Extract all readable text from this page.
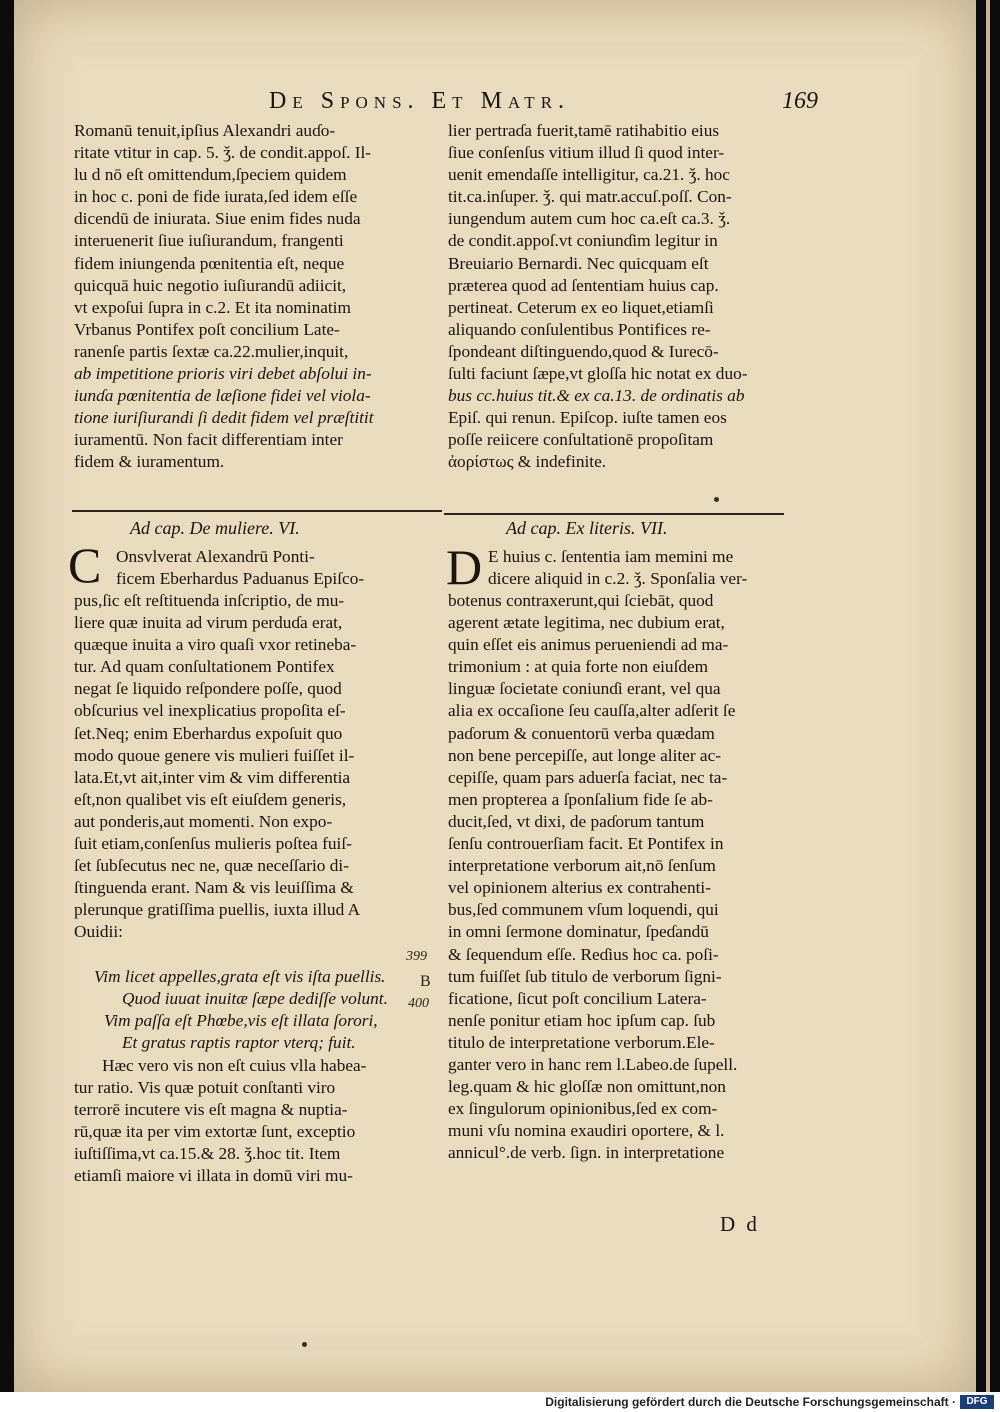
De Spons. Et Matr.	169
Romanū tenuit,ipſius Alexandri auɗo-
ritate vtitur in cap. 5. ǯ. de condit.appoſ. Il-
lu d nō eſt omittendum,ſpeciem quidem
in hoc c. poni de fide iurata,ſed idem eſſe
dicendū de iniurata. Siue enim fides nuda
interuenerit ſiue iuſiurandum, frangenti
fidem iniungenda pœnitentia eſt, neque
quicquā huic negotio iuſiurandū adiicit,
vt expoſui ſupra in c.2. Et ita nominatim
Vrbanus Pontifex poſt concilium Late-
ranenſe partis ſextæ ca.22.mulier,inquit,
ab impetitione prioris viri debet abſolui in-
iunɗa pœnitentia de læſione fidei vel viola-
tione iuriſiurandi ſi dedit fidem vel præſtitit
iuramentū. Non facit differentiam inter
fidem & iuramentum.
lier pertraɗa fuerit,tamē ratihabitio eius
ſiue conſenſus vitium illud ſi quod inter-
uenit emendaſſe intelligitur, ca.21. ǯ. hoc
tit.ca.inſuper. ǯ. qui matr.accuſ.poſſ. Con-
iungendum autem cum hoc ca.eſt ca.3. ǯ.
de condit.appoſ.vt coniunɗim legitur in
Breuiario Bernardi. Nec quicquam eſt
præterea quod ad ſententiam huius cap.
pertineat. Ceterum ex eo liquet,etiamſi
aliquando conſulentibus Pontifices re-
ſpondeant diſtinguendo,quod & Iurecō-
ſulti faciunt ſæpe,vt gloſſa hic notat ex duo-
bus cc.huius tit.& ex ca.13. de ordinatis ab
Epiſ. qui renun. Epiſcop. iuſte tamen eos
poſſe reiicere conſultationē propoſitam
ἀορίστως & indefinite.
Ad cap. De muliere. VI.	Ad cap. Ex literis. VII.
C Onsvlverat Alexandrū Ponti-
ficem Eberhardus Paduanus Epiſco-
pus,ſic eſt reſtituenda inſcriptio, de mu-
liere quæ inuita ad virum perduɗa erat,
quæque inuita a viro quaſi vxor retineba-
tur. Ad quam conſultationem Pontifex
negat ſe liquido reſpondere poſſe, quod
obſcurius vel inexplicatius propoſita eſ-
ſet.Neq; enim Eberhardus expoſuit quo
modo quoue genere vis mulieri fuiſſet il-
lata.Et,vt ait,inter vim & vim differentia
eſt,non qualibet vis eſt eiuſdem generis,
aut ponderis,aut momenti. Non expo-
ſuit etiam,conſenſus mulieris poſtea fuiſ-
ſet ſubſecutus nec ne, quæ neceſſario di-
ſtinguenda erant. Nam & vis leuiſſima &
plerunque gratiſſima puellis, iuxta illud A
Ouidii:
Vim licet appelles,grata eſt vis iſta puellis.
Quod iuuat inuitæ ſæpe dediſſe volunt.
Vim paſſa eſt Phœbe,vis eſt illata ſorori,
Et gratus raptis raptor vterq; fuit.
Hæc vero vis non eſt cuius vlla habea-
tur ratio. Vis quæ potuit conſtanti viro
terrorē incutere vis eſt magna & nuptia-
rū,quæ ita per vim extortæ ſunt, exceptio
iuſtiſſima,vt ca.15.& 28. ǯ.hoc tit. Item
etiamſi maiore vi illata in domū viri mu-
399
B
400
D E huius c. ſententia iam memini me
dicere aliquid in c.2. ǯ. Sponſalia ver-
botenus contraxerunt,qui ſciebāt, quod
agerent ætate legitima, nec dubium erat,
quin eſſet eis animus perueniendi ad ma-
trimonium : at quia forte non eiuſdem
linguæ ſocietate coniunɗi erant, vel qua
alia ex occaſione ſeu cauſſa,alter adſerit ſe
paɗorum & conuentorū verba quædam
non bene percepiſſe, aut longe aliter ac-
cepiſſe, quam pars aduerſa faciat, nec ta-
men propterea a ſponſalium fide ſe ab-
ducit,ſed, vt dixi, de paɗorum tantum
ſenſu controuerſiam facit. Et Pontifex in
interpretatione verborum ait,nō ſenſum
vel opinionem alterius ex contrahenti-
bus,ſed communem vſum loquendi, qui
in omni ſermone dominatur, ſpeɗandū
& ſequendum eſſe. Reɗius hoc ca. poſi-
tum fuiſſet ſub titulo de verborum ſigni-
ficatione, ſicut poſt concilium Latera-
nenſe ponitur etiam hoc ipſum cap. ſub
titulo de interpretatione verborum.Ele-
ganter vero in hanc rem l.Labeo.de ſupell.
leg.quam & hic gloſſæ non omittunt,non
ex ſingulorum opinionibus,ſed ex com-
muni vſu nomina exaudiri oportere, & l.
annicul°.de verb. ſign. in interpretatione
D d
Digitalisierung gefördert durch die Deutsche Forschungsgemeinschaft ·	DFG
